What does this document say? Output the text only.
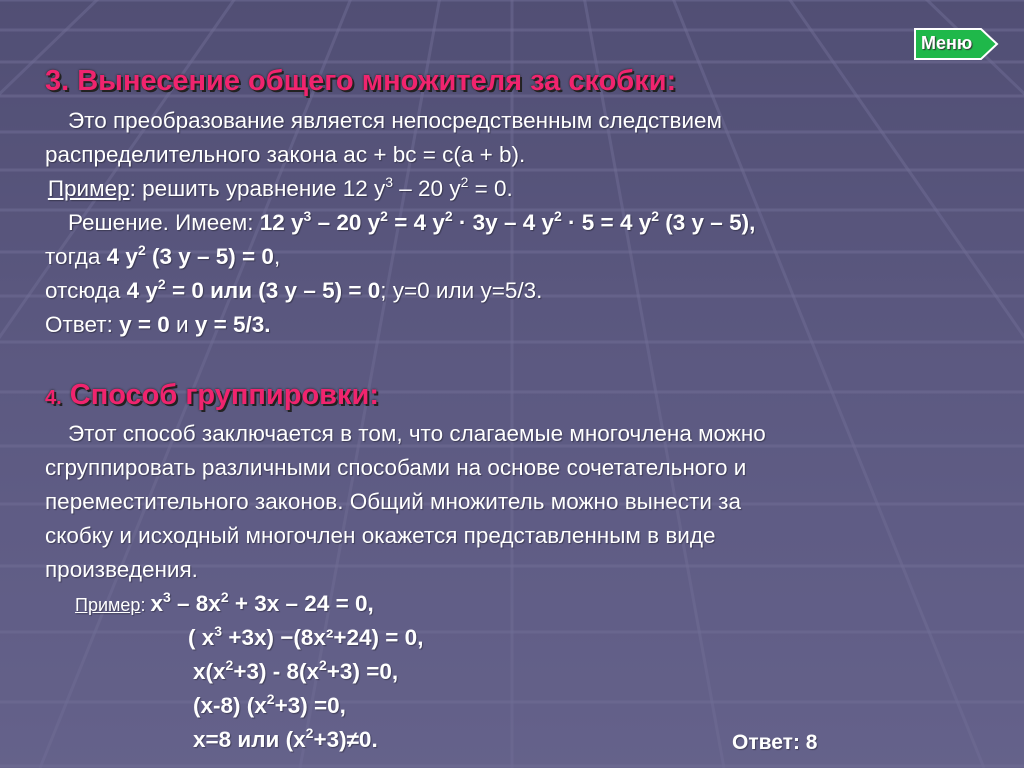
Меню
3. Вынесение общего множителя за скобки:
Это преобразование является непосредственным следствием
распределительного закона ac + bc = c(a + b).
Пример: решить уравнение 12 $у^3 - 20$ $у^2 = 0$.
Решение. Имеем: 12 $у^3 - 20$ $у^2 = 4$ $у^2 \cdot 3у - 4$ $у^2 \cdot 5 = 4$ $у^2$ (3 у – 5),
тогда 4 $у^2$ (3 у – 5) = 0,
отсюда 4 $у^2 = 0$ или (3 у – 5) = 0; у=0 или у=5/3.
Ответ: у = 0 и у = 5/3.
4. Способ группировки:
Этот способ заключается в том, что слагаемые многочлена можно
сгруппировать различными способами на основе сочетательного и
переместительного законов. Общий множитель можно вынести за
скобку и исходный многочлен окажется представленным в виде
произведения.
Пример: $x^3 - 8x^2 + 3x - 24 = 0$,
( $x^3 +3x) -(8x^2+24) = 0$,
$x(x^2+3) - 8(x^2+3) =0$,
(x-8) $(x^2+3) =0$,
x=8 или $(x^2+3)\ne 0$.	Ответ: 8
